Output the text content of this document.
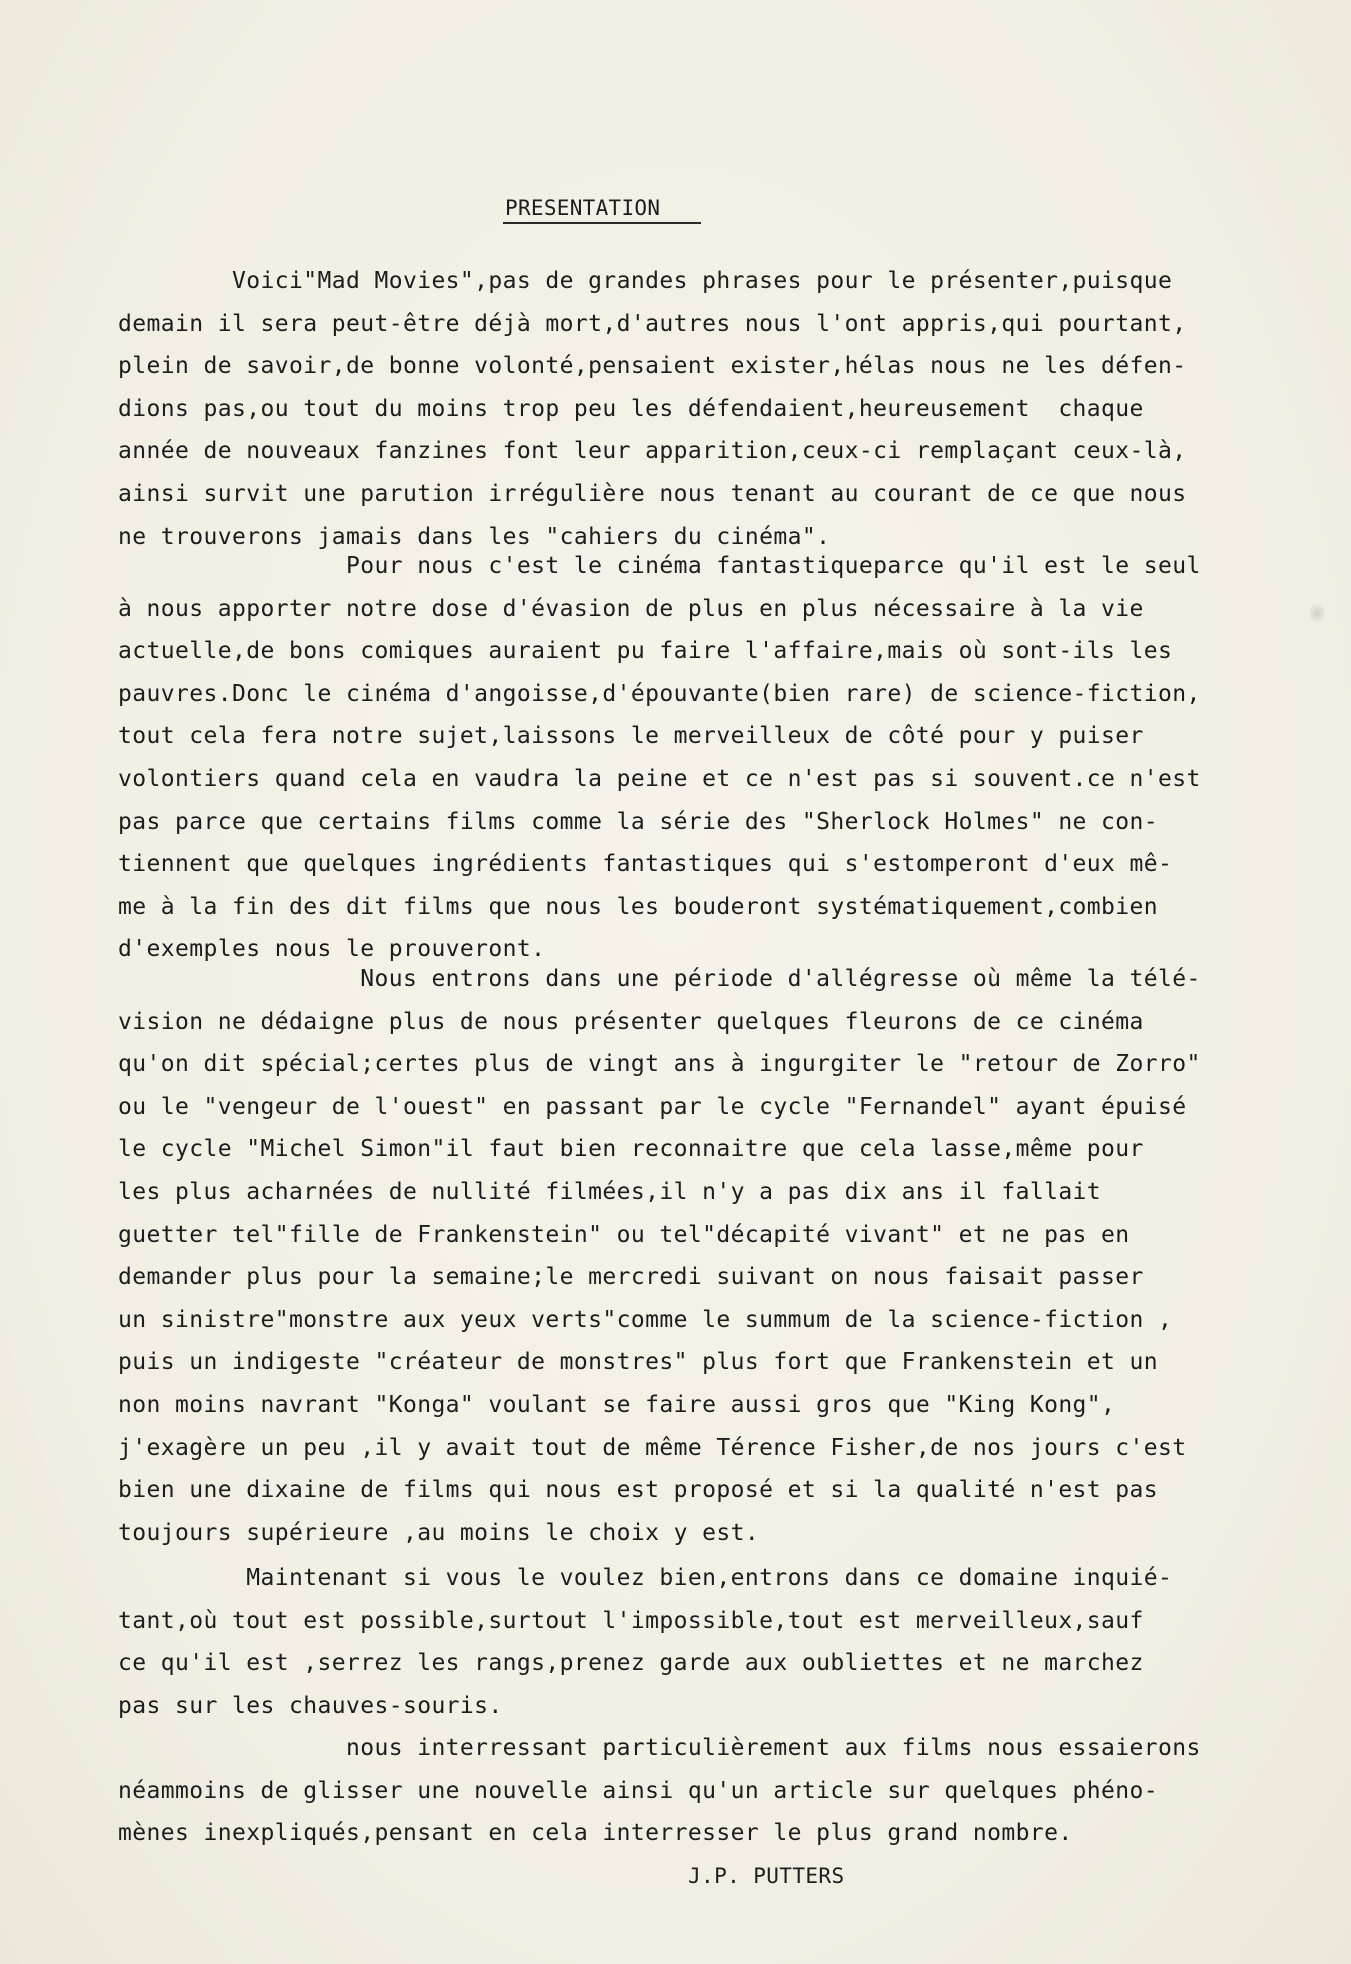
PRESENTATION
Voici"Mad Movies",pas de grandes phrases pour le présenter,puisque
demain il sera peut-être déjà mort,d'autres nous l'ont appris,qui pourtant,
plein de savoir,de bonne volonté,pensaient exister,hélas nous ne les défen-
dions pas,ou tout du moins trop peu les défendaient,heureusement  chaque
année de nouveaux fanzines font leur apparition,ceux-ci remplaçant ceux-là,
ainsi survit une parution irrégulière nous tenant au courant de ce que nous
ne trouverons jamais dans les "cahiers du cinéma".
Pour nous c'est le cinéma fantastiqueparce qu'il est le seul
à nous apporter notre dose d'évasion de plus en plus nécessaire à la vie
actuelle,de bons comiques auraient pu faire l'affaire,mais où sont-ils les
pauvres.Donc le cinéma d'angoisse,d'épouvante(bien rare) de science-fiction,
tout cela fera notre sujet,laissons le merveilleux de côté pour y puiser
volontiers quand cela en vaudra la peine et ce n'est pas si souvent.ce n'est
pas parce que certains films comme la série des "Sherlock Holmes" ne con-
tiennent que quelques ingrédients fantastiques qui s'estomperont d'eux mê-
me à la fin des dit films que nous les bouderont systématiquement,combien
d'exemples nous le prouveront.
Nous entrons dans une période d'allégresse où même la télé-
vision ne dédaigne plus de nous présenter quelques fleurons de ce cinéma
qu'on dit spécial;certes plus de vingt ans à ingurgiter le "retour de Zorro"
ou le "vengeur de l'ouest" en passant par le cycle "Fernandel" ayant épuisé
le cycle "Michel Simon"il faut bien reconnaitre que cela lasse,même pour
les plus acharnées de nullité filmées,il n'y a pas dix ans il fallait
guetter tel"fille de Frankenstein" ou tel"décapité vivant" et ne pas en
demander plus pour la semaine;le mercredi suivant on nous faisait passer
un sinistre"monstre aux yeux verts"comme le summum de la science-fiction ,
puis un indigeste "créateur de monstres" plus fort que Frankenstein et un
non moins navrant "Konga" voulant se faire aussi gros que "King Kong",
j'exagère un peu ,il y avait tout de même Térence Fisher,de nos jours c'est
bien une dixaine de films qui nous est proposé et si la qualité n'est pas
toujours supérieure ,au moins le choix y est.
Maintenant si vous le voulez bien,entrons dans ce domaine inquié-
tant,où tout est possible,surtout l'impossible,tout est merveilleux,sauf
ce qu'il est ,serrez les rangs,prenez garde aux oubliettes et ne marchez
pas sur les chauves-souris.
nous interressant particulièrement aux films nous essaierons
néammoins de glisser une nouvelle ainsi qu'un article sur quelques phéno-
mènes inexpliqués,pensant en cela interresser le plus grand nombre.
J.P. PUTTERS
